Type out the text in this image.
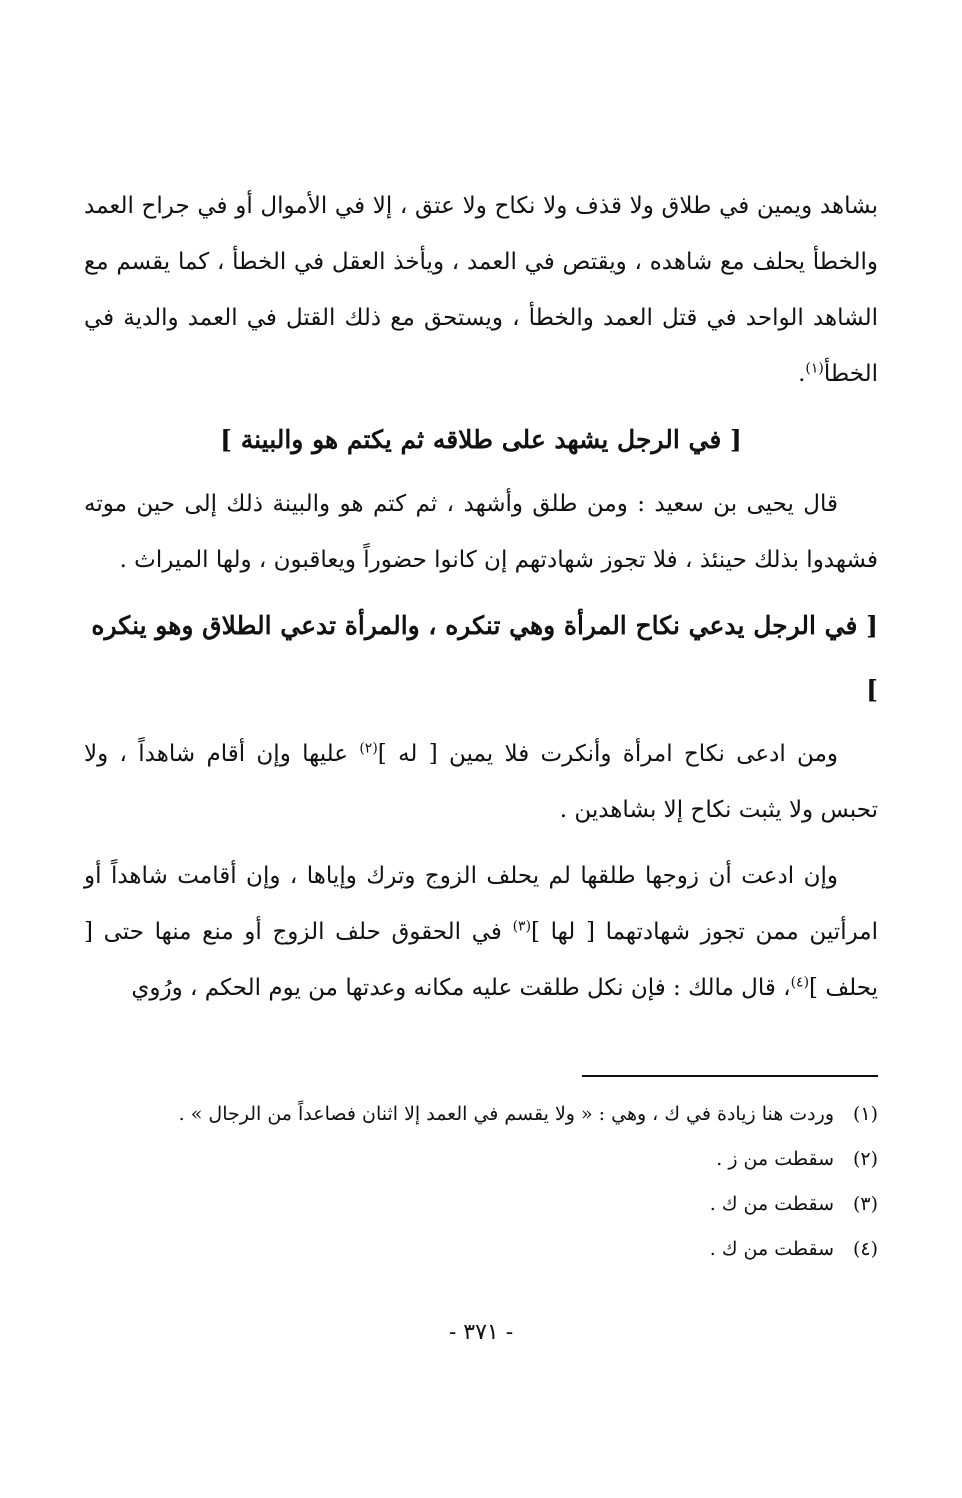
بشاهد ويمين في طلاق ولا قذف ولا نكاح ولا عتق ، إلا في الأموال أو في جراح العمد والخطأ يحلف مع شاهده ، ويقتص في العمد ، ويأخذ العقل في الخطأ ، كما يقسم مع الشاهد الواحد في قتل العمد والخطأ ، ويستحق مع ذلك القتل في العمد والدية في الخطأ$^{(١)}$.

[ في الرجل يشهد على طلاقه ثم يكتم هو والبينة ]

قال يحيى بن سعيد : ومن طلق وأشهد ، ثم كتم هو والبينة ذلك إلى حين موته فشهدوا بذلك حينئذ ، فلا تجوز شهادتهم إن كانوا حضوراً ويعاقبون ، ولها الميراث .

[ في الرجل يدعي نكاح المرأة وهي تنكره ، والمرأة تدعي الطلاق وهو ينكره ]

ومن ادعى نكاح امرأة وأنكرت فلا يمين [ له ]$^{(٢)}$ عليها وإن أقام شاهداً ، ولا تحبس ولا يثبت نكاح إلا بشاهدين .

وإن ادعت أن زوجها طلقها لم يحلف الزوج وترك وإياها ، وإن أقامت شاهداً أو امرأتين ممن تجوز شهادتهما [ لها ]$^{(٣)}$ في الحقوق حلف الزوج أو منع منها حتى [ يحلف ]$^{(٤)}$، قال مالك : فإن نكل طلقت عليه مكانه وعدتها من يوم الحكم ، ورُوي

(١)وردت هنا زيادة في ك ، وهي : « ولا يقسم في العمد إلا اثنان فصاعداً من الرجال » .

(٢)سقطت من ز .

(٣)سقطت من ك .

(٤)سقطت من ك .

- ٣٧١ -
